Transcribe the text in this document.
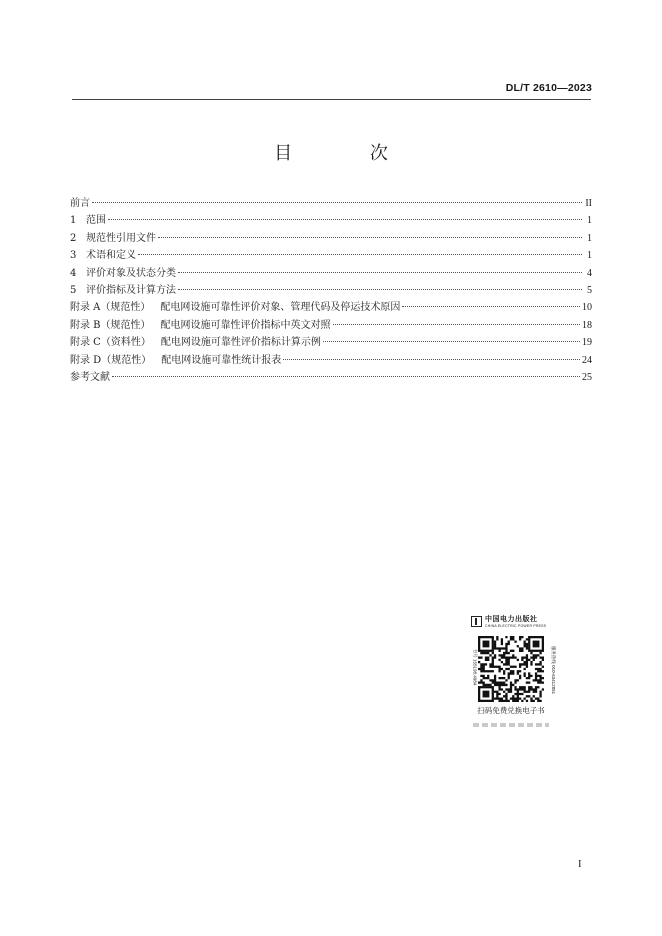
DL/T 2610—2023
目 次
前言	II
1 范围	1
2 规范性引用文件	1
3 术语和定义	1
4 评价对象及状态分类	4
5 评价指标及计算方法	5
附录 A（规范性） 配电网设施可靠性评价对象、管理代码及停运技术原因	10
附录 B（规范性） 配电网设施可靠性评价指标中英文对照	18
附录 C（资料性） 配电网设施可靠性评价指标计算示例	19
附录 D（规范性） 配电网设施可靠性统计报表	24
参考文献	25
中国电力出版社
CHINA ELECTRIC POWER PRESS
书号 155198.4984	服务热线 010-63412851
扫码免费兑换电子书
I
